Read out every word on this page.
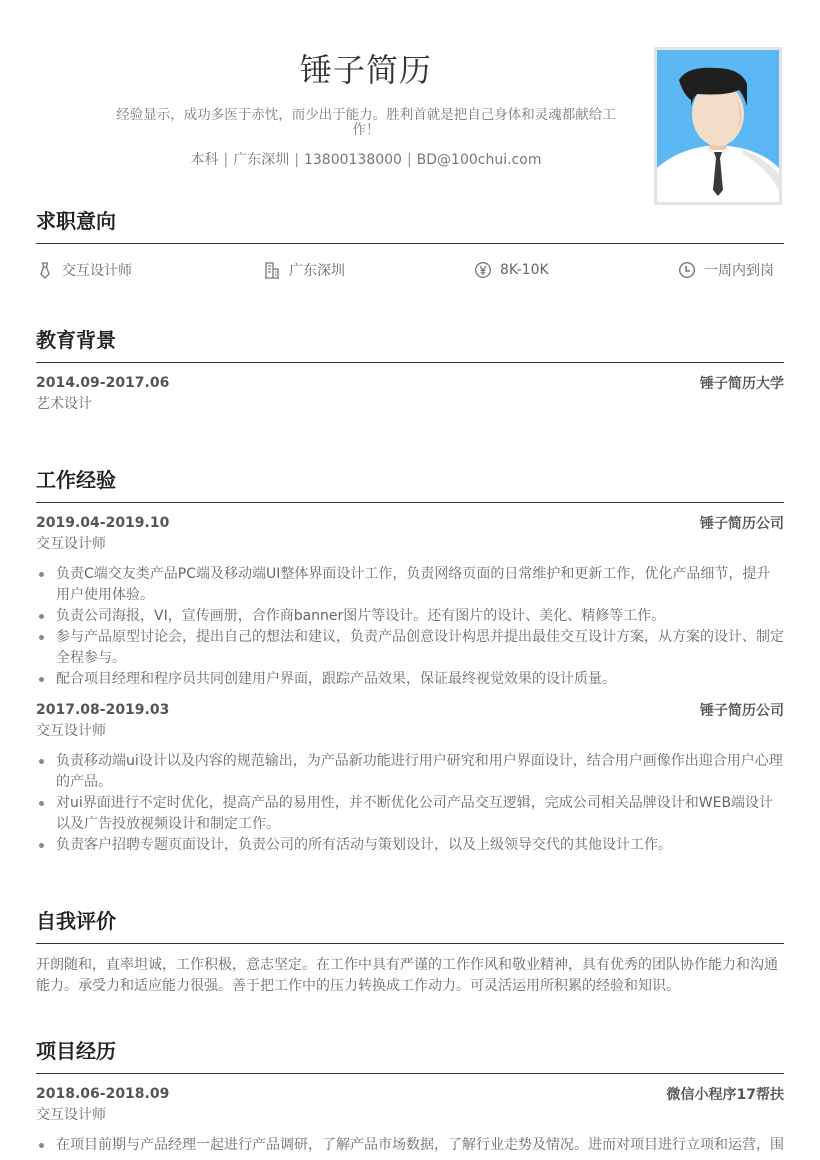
锤子简历

经验显示，成功多医于赤忱，而少出于能力。胜利首就是把自己身体和灵魂都献给工作！

本科 | 广东深圳 | 13800138000 | BD@100chui.com
求职意向
交互设计师	广东深圳	8K-10K	一周内到岗
教育背景
2014.09-2017.06	锤子简历大学
艺术设计
工作经验
2019.04-2019.10	锤子简历公司
交互设计师
负责C端交友类产品PC端及移动端UI整体界面设计工作，负责网络页面的日常维护和更新工作，优化产品细节，提升用户使用体验。
负责公司海报，VI，宣传画册，合作商banner图片等设计。还有图片的设计、美化、精修等工作。
参与产品原型讨论会，提出自己的想法和建议，负责产品创意设计构思并提出最佳交互设计方案，从方案的设计、制定全程参与。
配合项目经理和程序员共同创建用户界面，跟踪产品效果，保证最终视觉效果的设计质量。
2017.08-2019.03	锤子简历公司
交互设计师
负责移动端ui设计以及内容的规范输出，为产品新功能进行用户研究和用户界面设计，结合用户画像作出迎合用户心理的产品。
对ui界面进行不定时优化，提高产品的易用性，并不断优化公司产品交互逻辑，完成公司相关品牌设计和WEB端设计以及广告投放视频设计和制定工作。
负责客户招聘专题页面设计，负责公司的所有活动与策划设计，以及上级领导交代的其他设计工作。
自我评价

开朗随和，直率坦诚，工作积极，意志坚定。在工作中具有严谨的工作作风和敬业精神，具有优秀的团队协作能力和沟通能力。承受力和适应能力很强。善于把工作中的压力转换成工作动力。可灵活运用所积累的经验和知识。

项目经历
2018.06-2018.09	微信小程序17帮扶
交互设计师
在项目前期与产品经理一起进行产品调研，了解产品市场数据，了解行业走势及情况。进而对项目进行立项和运营，围
